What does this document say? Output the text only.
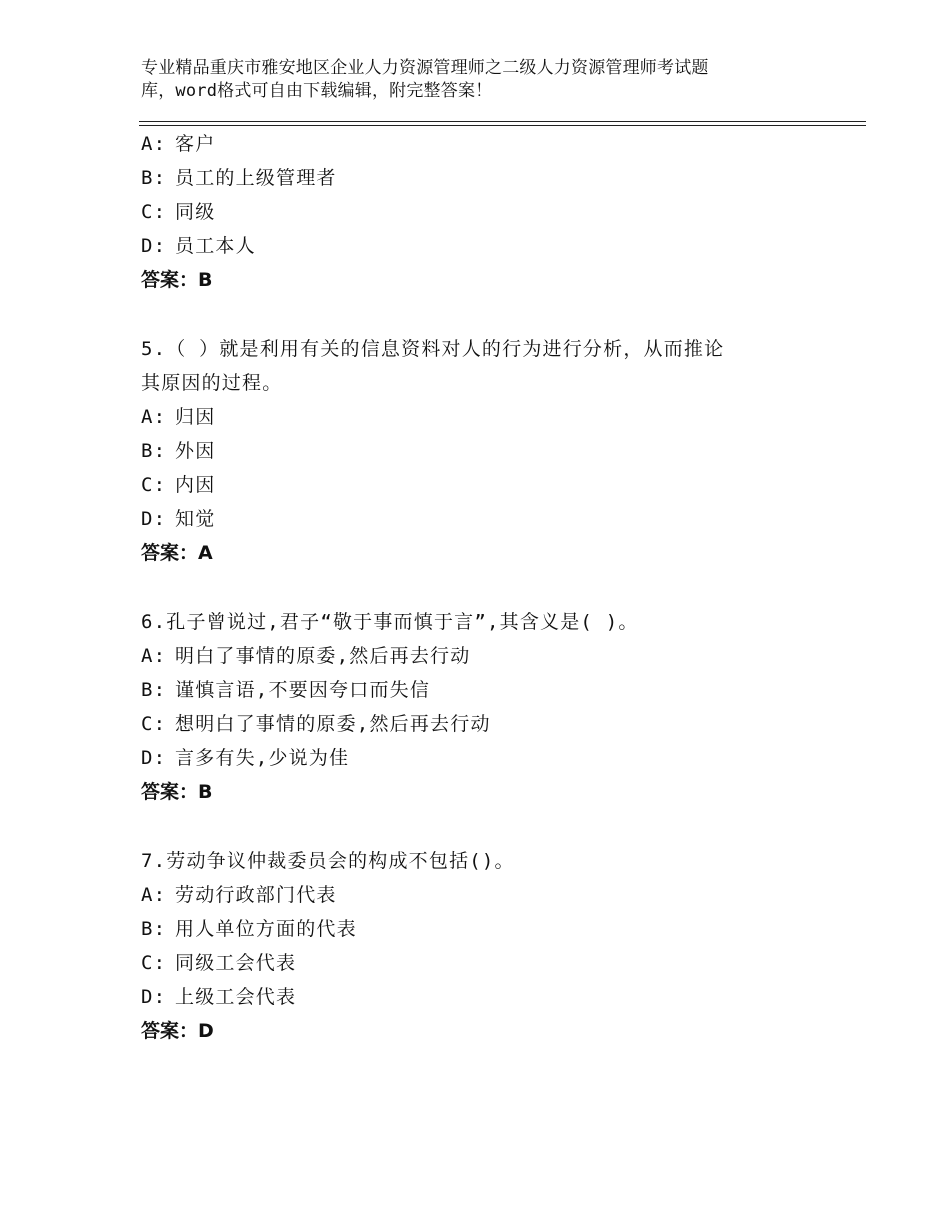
专业精品重庆市雅安地区企业人力资源管理师之二级人力资源管理师考试题
库，word格式可自由下载编辑，附完整答案！
A: 客户
B: 员工的上级管理者
C: 同级
D: 员工本人
答案：B
5.（ ）就是利用有关的信息资料对人的行为进行分析，从而推论
其原因的过程。
A: 归因
B: 外因
C: 内因
D: 知觉
答案：A
6.孔子曾说过,君子“敬于事而慎于言”,其含义是( )。
A: 明白了事情的原委,然后再去行动
B: 谨慎言语,不要因夸口而失信
C: 想明白了事情的原委,然后再去行动
D: 言多有失,少说为佳
答案：B
7.劳动争议仲裁委员会的构成不包括()。
A: 劳动行政部门代表
B: 用人单位方面的代表
C: 同级工会代表
D: 上级工会代表
答案：D
